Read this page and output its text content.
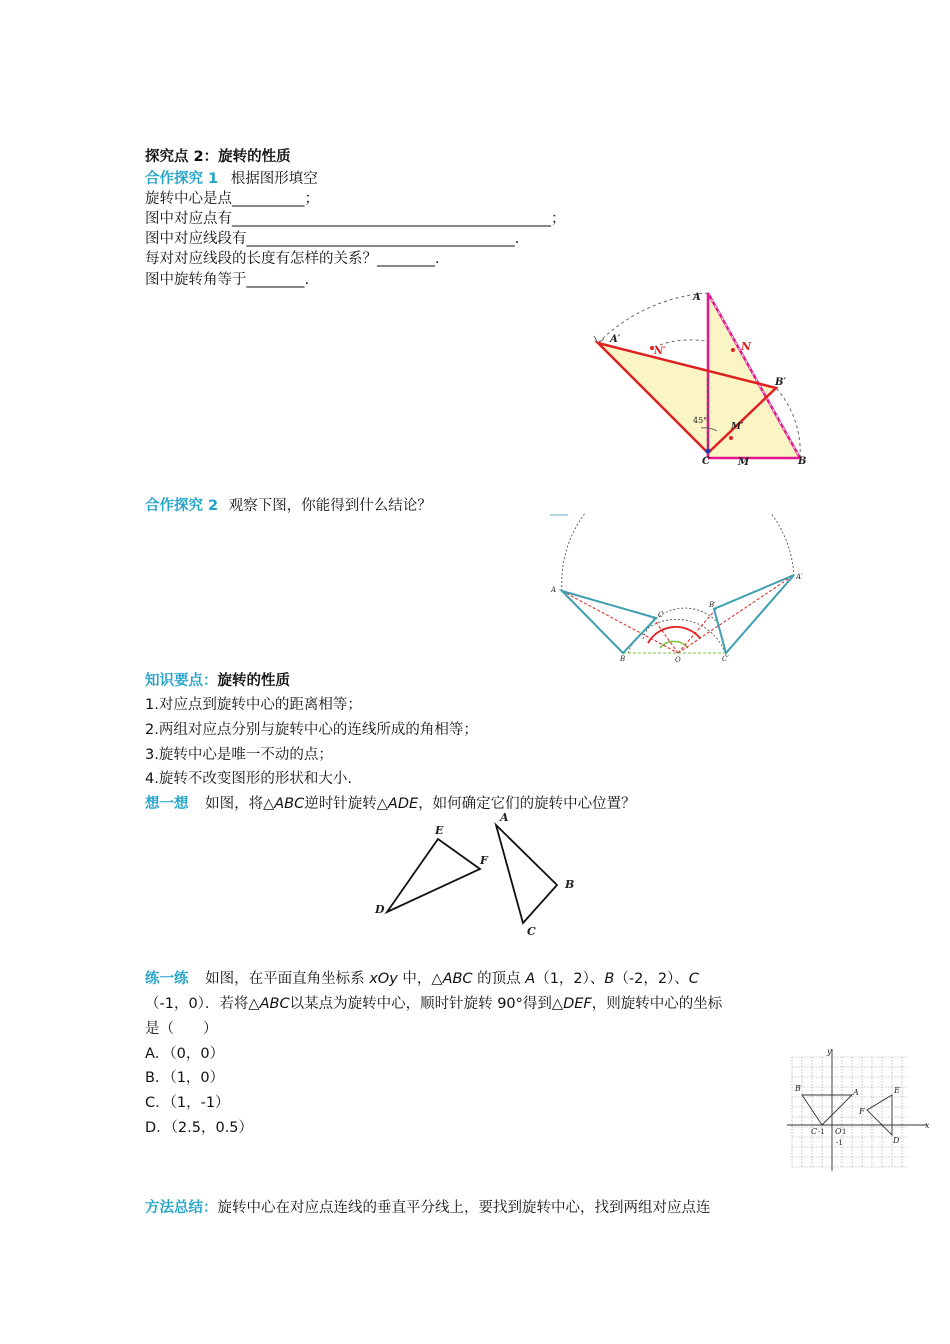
探究点 2：旋转的性质
合作探究 1 根据图形填空
旋转中心是点__________；
图中对应点有____________________________________________；
图中对应线段有_____________________________________.
每对对应线段的长度有怎样的关系？________.
图中旋转角等于________.
A
A′
N
N′
B′
M′
45°
C	M	B
合作探究 2 观察下图，你能得到什么结论？
A
A′
B
B′
C
C′
O
知识要点：旋转的性质
1.对应点到旋转中心的距离相等；
2.两组对应点分别与旋转中心的连线所成的角相等；
3.旋转中心是唯一不动的点；
4.旋转不改变图形的形状和大小.
想一想 如图，将△ABC逆时针旋转△ADE，如何确定它们的旋转中心位置？
E
F
D
A
B
C
练一练 如图，在平面直角坐标系 xOy 中，△ABC 的顶点 A（1，2）、B（-2，2）、C
（-1，0）．若将△ABC以某点为旋转中心，顺时针旋转 90°得到△DEF，则旋转中心的坐标
是（　　）
A．（0，0）
B．（1，0）
C．（1，-1）
D．（2.5，0.5）
y
x
B	A	E
F
D
C O
-1 1
-1
方法总结：旋转中心在对应点连线的垂直平分线上，要找到旋转中心，找到两组对应点连
